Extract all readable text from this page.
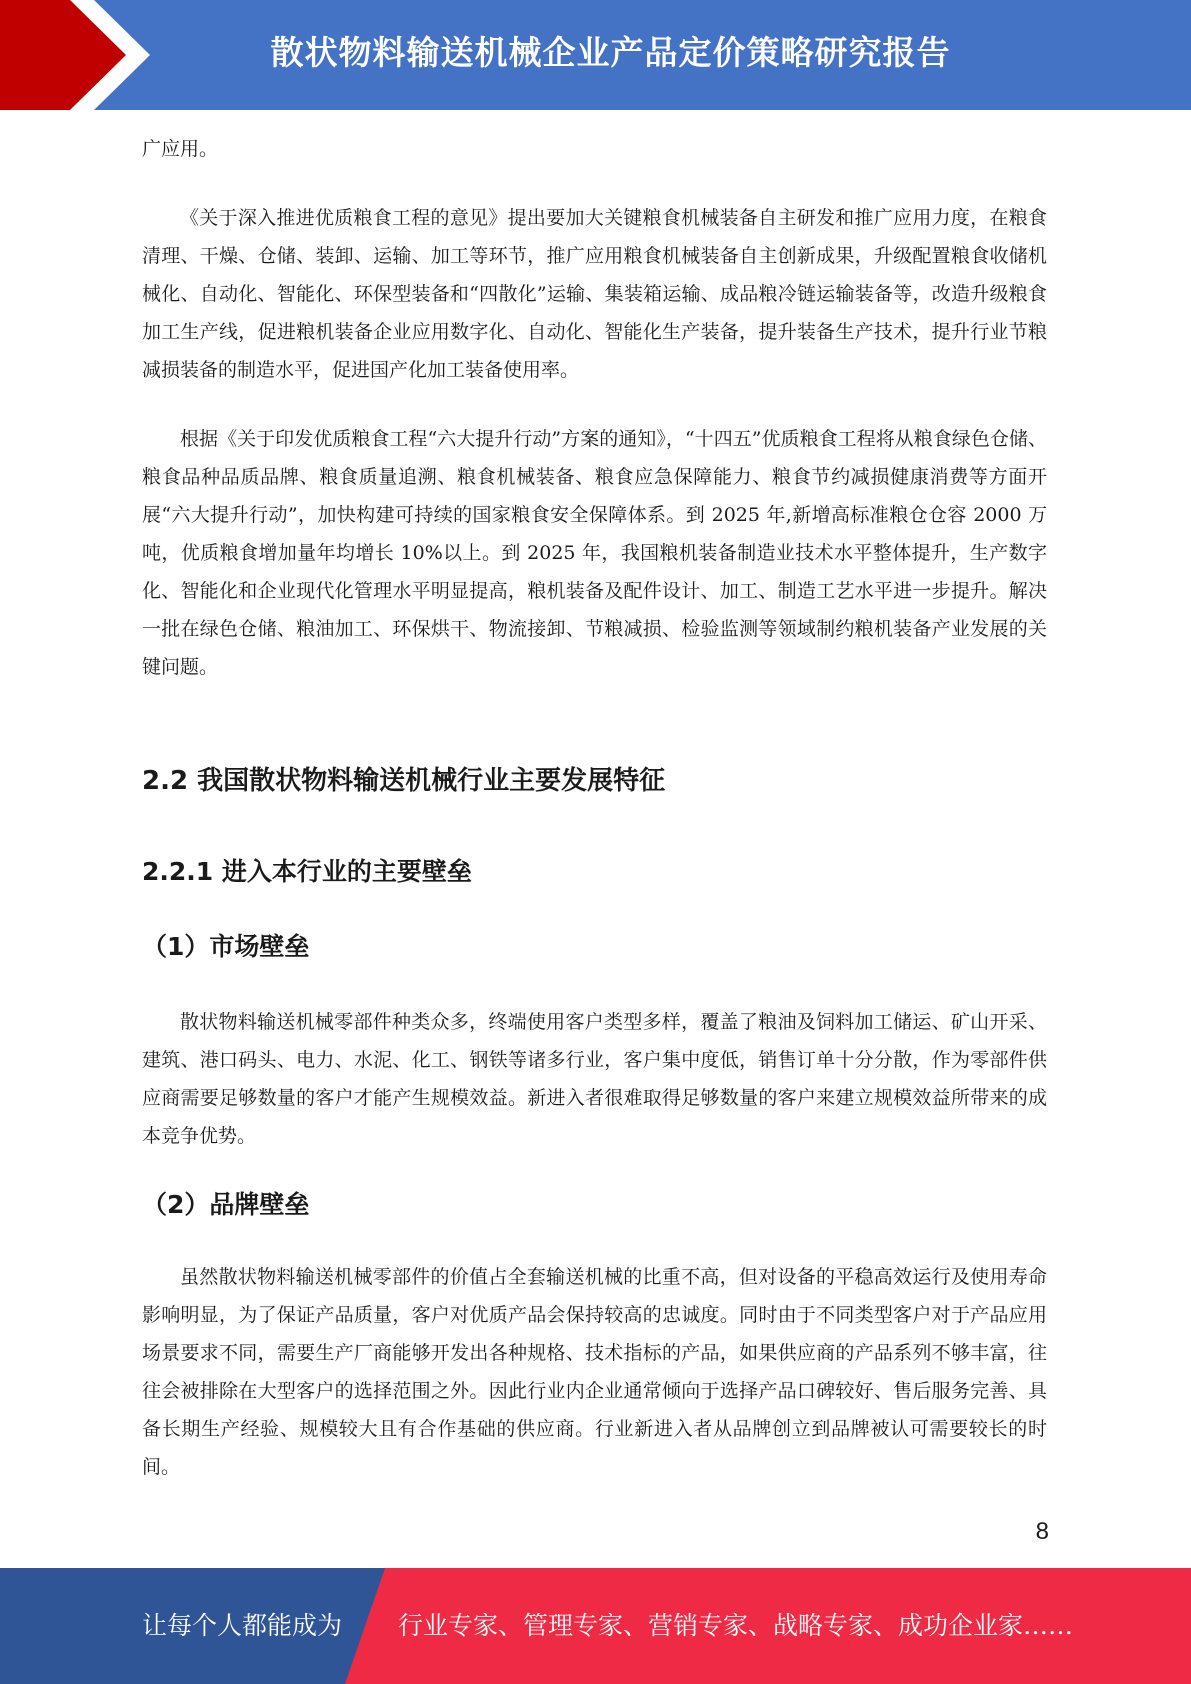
散状物料输送机械企业产品定价策略研究报告

广应用。

《关于深入推进优质粮食工程的意见》提出要加大关键粮食机械装备自主研发和推广应用力度，在粮食清理、干燥、仓储、装卸、运输、加工等环节，推广应用粮食机械装备自主创新成果，升级配置粮食收储机械化、自动化、智能化、环保型装备和“四散化”运输、集装箱运输、成品粮冷链运输装备等，改造升级粮食加工生产线，促进粮机装备企业应用数字化、自动化、智能化生产装备，提升装备生产技术，提升行业节粮减损装备的制造水平，促进国产化加工装备使用率。

根据《关于印发优质粮食工程“六大提升行动”方案的通知》，“十四五”优质粮食工程将从粮食绿色仓储、粮食品种品质品牌、粮食质量追溯、粮食机械装备、粮食应急保障能力、粮食节约减损健康消费等方面开展“六大提升行动”，加快构建可持续的国家粮食安全保障体系。到 2025 年,新增高标准粮仓仓容 2000 万吨，优质粮食增加量年均增长 10%以上。到 2025 年，我国粮机装备制造业技术水平整体提升，生产数字化、智能化和企业现代化管理水平明显提高，粮机装备及配件设计、加工、制造工艺水平进一步提升。解决一批在绿色仓储、粮油加工、环保烘干、物流接卸、节粮减损、检验监测等领域制约粮机装备产业发展的关键问题。

2.2 我国散状物料输送机械行业主要发展特征
2.2.1 进入本行业的主要壁垒
（1）市场壁垒

散状物料输送机械零部件种类众多，终端使用客户类型多样，覆盖了粮油及饲料加工储运、矿山开采、建筑、港口码头、电力、水泥、化工、钢铁等诸多行业，客户集中度低，销售订单十分分散，作为零部件供应商需要足够数量的客户才能产生规模效益。新进入者很难取得足够数量的客户来建立规模效益所带来的成本竞争优势。

（2）品牌壁垒

虽然散状物料输送机械零部件的价值占全套输送机械的比重不高，但对设备的平稳高效运行及使用寿命影响明显，为了保证产品质量，客户对优质产品会保持较高的忠诚度。同时由于不同类型客户对于产品应用场景要求不同，需要生产厂商能够开发出各种规格、技术指标的产品，如果供应商的产品系列不够丰富，往往会被排除在大型客户的选择范围之外。因此行业内企业通常倾向于选择产品口碑较好、售后服务完善、具备长期生产经验、规模较大且有合作基础的供应商。行业新进入者从品牌创立到品牌被认可需要较长的时间。

8
让每个人都能成为 行业专家、管理专家、营销专家、战略专家、成功企业家……
